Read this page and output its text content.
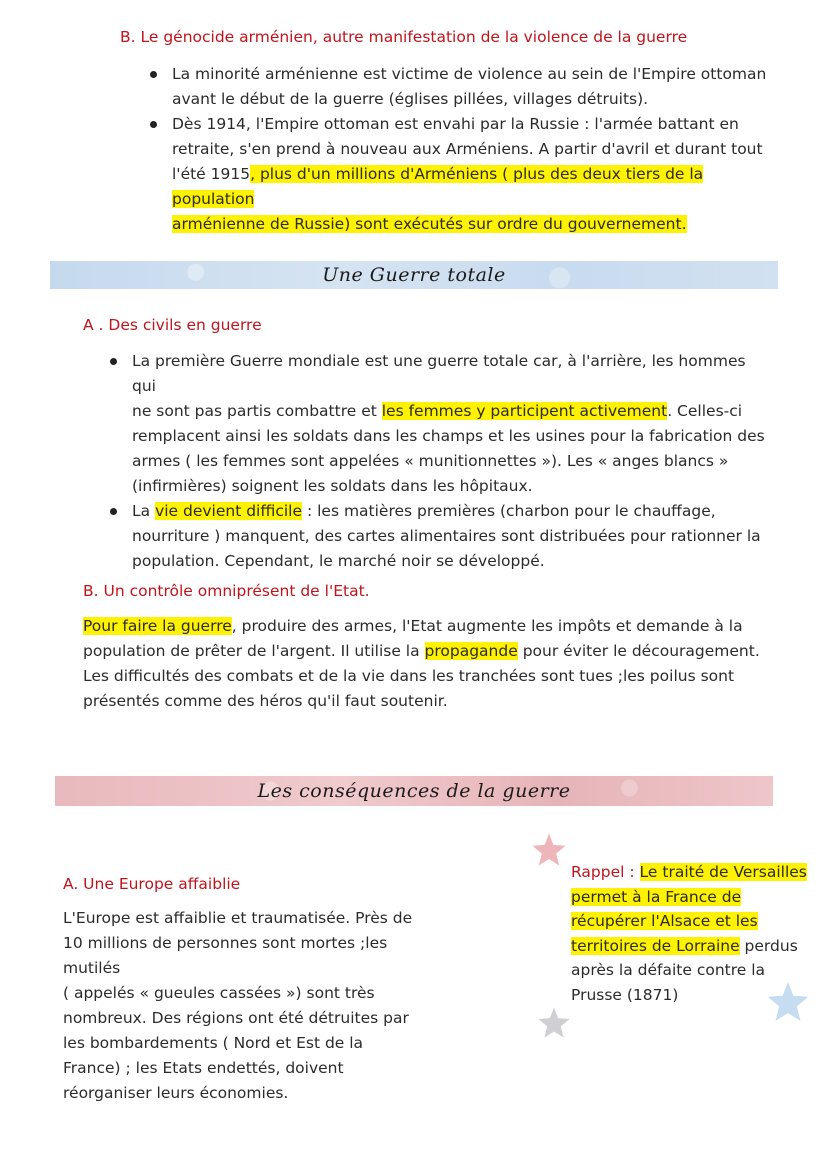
B. Le génocide arménien, autre manifestation de la violence de la guerre
La minorité arménienne est victime de violence au sein de l'Empire ottoman
avant le début de la guerre (églises pillées, villages détruits).
Dès 1914, l'Empire ottoman est envahi par la Russie : l'armée battant en
retraite, s'en prend à nouveau aux Arméniens. A partir d'avril et durant tout
l'été 1915, plus d'un millions d'Arméniens ( plus des deux tiers de la population
arménienne de Russie) sont exécutés sur ordre du gouvernement.
Une Guerre totale
A . Des civils en guerre
La première Guerre mondiale est une guerre totale car, à l'arrière, les hommes qui
ne sont pas partis combattre et les femmes y participent activement. Celles-ci
remplacent ainsi les soldats dans les champs et les usines pour la fabrication des
armes ( les femmes sont appelées « munitionnettes »). Les « anges blancs »
(infirmières) soignent les soldats dans les hôpitaux.
La vie devient difficile : les matières premières (charbon pour le chauffage,
nourriture ) manquent, des cartes alimentaires sont distribuées pour rationner la
population. Cependant, le marché noir se développé.
B. Un contrôle omniprésent de l'Etat.
Pour faire la guerre, produire des armes, l'Etat augmente les impôts et demande à la
population de prêter de l'argent. Il utilise la propagande pour éviter le découragement.
Les difficultés des combats et de la vie dans les tranchées sont tues ;les poilus sont
présentés comme des héros qu'il faut soutenir.
Les conséquences de la guerre
A. Une Europe affaiblie
L'Europe est affaiblie et traumatisée. Près de
10 millions de personnes sont mortes ;les mutilés
( appelés « gueules cassées ») sont très
nombreux. Des régions ont été détruites par
les bombardements ( Nord et Est de la
France) ; les Etats endettés, doivent
réorganiser leurs économies.
Rappel : Le traité de Versailles
permet à la France de
récupérer l'Alsace et les
territoires de Lorraine perdus
après la défaite contre la
Prusse (1871)
